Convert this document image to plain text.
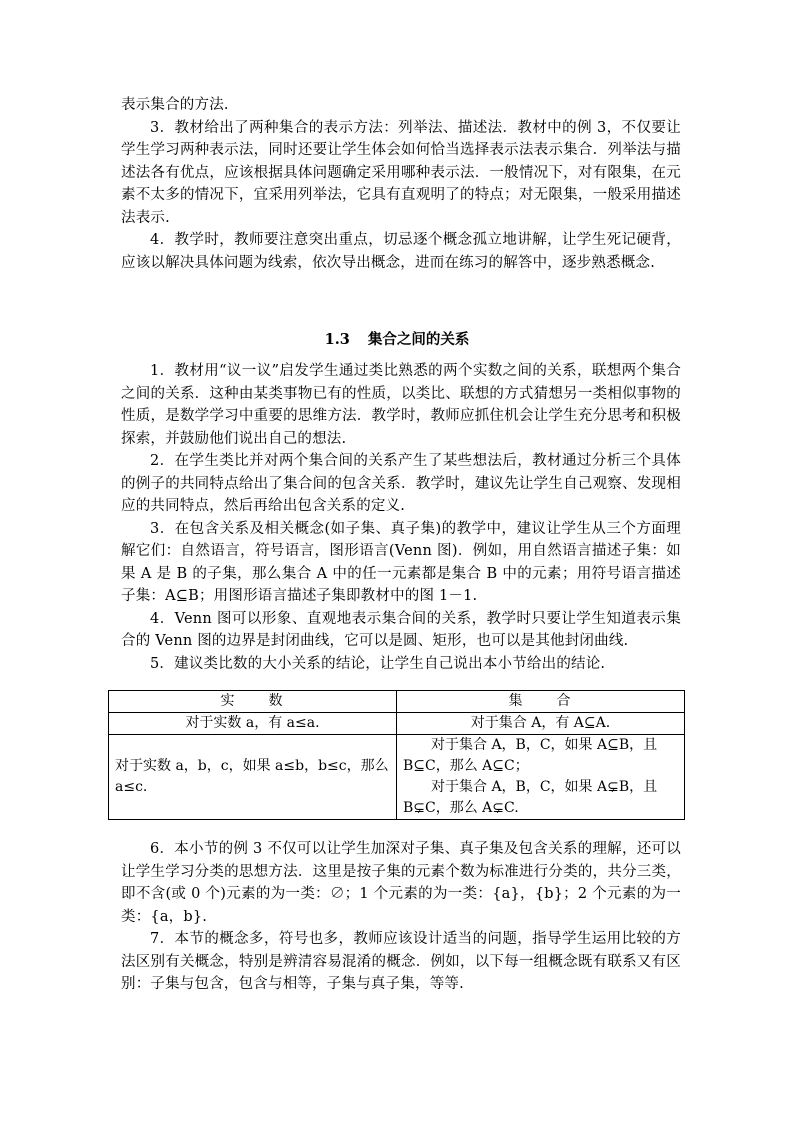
表示集合的方法.

3．教材给出了两种集合的表示方法：列举法、描述法．教材中的例 3，不仅要让学生学习两种表示法，同时还要让学生体会如何恰当选择表示法表示集合．列举法与描述法各有优点，应该根据具体问题确定采用哪种表示法．一般情况下，对有限集，在元素不太多的情况下，宜采用列举法，它具有直观明了的特点；对无限集，一般采用描述法表示.

4．教学时，教师要注意突出重点，切忌逐个概念孤立地讲解，让学生死记硬背，应该以解决具体问题为线索，依次导出概念，进而在练习的解答中，逐步熟悉概念.

1.3 集合之间的关系

1．教材用“议一议”启发学生通过类比熟悉的两个实数之间的关系，联想两个集合之间的关系．这种由某类事物已有的性质，以类比、联想的方式猜想另一类相似事物的性质，是数学学习中重要的思维方法．教学时，教师应抓住机会让学生充分思考和积极探索，并鼓励他们说出自己的想法.

2．在学生类比并对两个集合间的关系产生了某些想法后，教材通过分析三个具体的例子的共同特点给出了集合间的包含关系．教学时，建议先让学生自己观察、发现相应的共同特点，然后再给出包含关系的定义.

3．在包含关系及相关概念(如子集、真子集)的教学中，建议让学生从三个方面理解它们：自然语言，符号语言，图形语言(Venn 图)．例如，用自然语言描述子集：如果 A 是 B 的子集，那么集合 A 中的任一元素都是集合 B 中的元素；用符号语言描述子集：A⊆B；用图形语言描述子集即教材中的图 1－1.

4．Venn 图可以形象、直观地表示集合间的关系，教学时只要让学生知道表示集合的 Venn 图的边界是封闭曲线，它可以是圆、矩形，也可以是其他封闭曲线.

5．建议类比数的大小关系的结论，让学生自己说出本小节给出的结论.

实　　数	集　　合
对于实数 a，有 a≤a.	对于集合 A，有 A⊆A.
对于实数 a，b，c，如果 a≤b，b≤c，那么 a≤c.	对于集合 A，B，C，如果 A⊆B，且 B⊆C，那么 A⊆C；
对于集合 A，B，C，如果 A⊊B，且 B⊊C，那么 A⊊C.

6．本小节的例 3 不仅可以让学生加深对子集、真子集及包含关系的理解，还可以让学生学习分类的思想方法．这里是按子集的元素个数为标准进行分类的，共分三类，即不含(或 0 个)元素的为一类：∅；1 个元素的为一类：{a}，{b}；2 个元素的为一类：{a，b}.

7．本节的概念多，符号也多，教师应该设计适当的问题，指导学生运用比较的方法区别有关概念，特别是辨清容易混淆的概念．例如，以下每一组概念既有联系又有区别：子集与包含，包含与相等，子集与真子集，等等.
